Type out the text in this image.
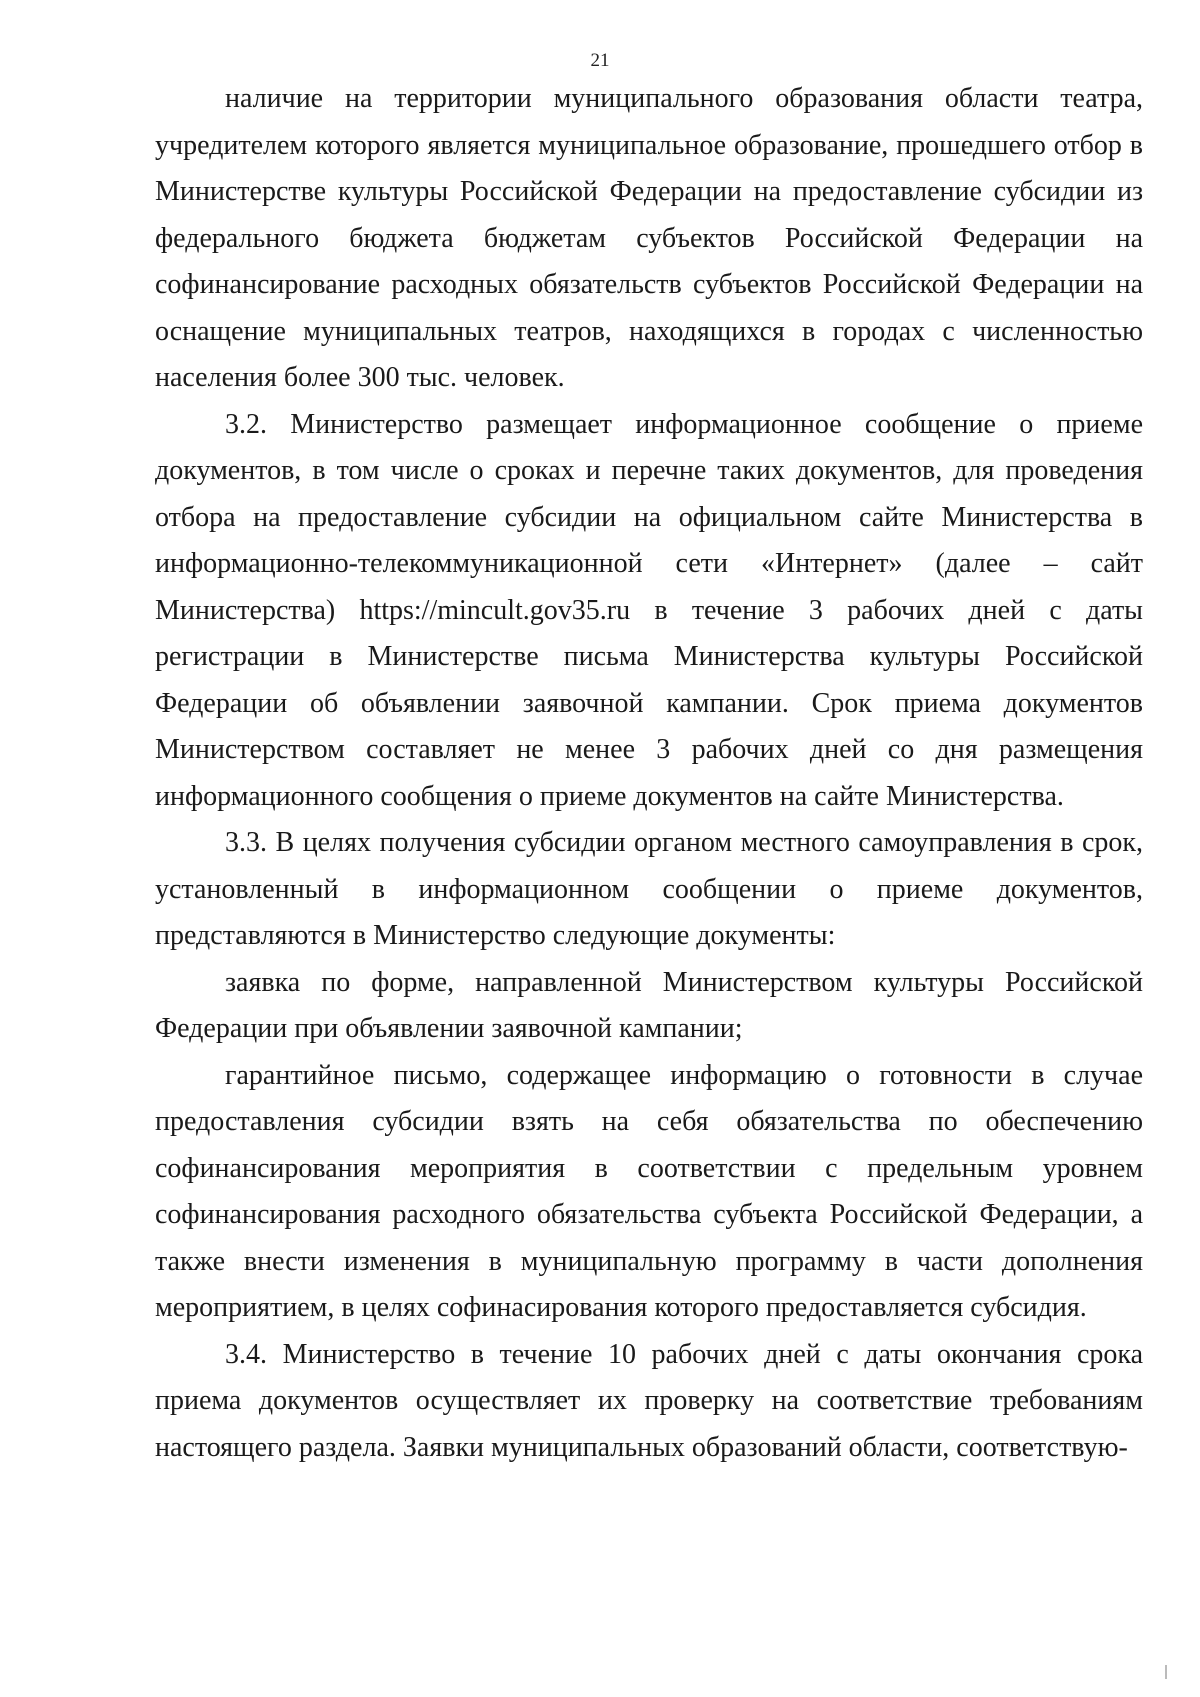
21

наличие на территории муниципального образования области театра, учредителем которого является муниципальное образование, прошедшего отбор в Министерстве культуры Российской Федерации на предоставление субсидии из федерального бюджета бюджетам субъектов Российской Федерации на софинансирование расходных обязательств субъектов Российской Федерации на оснащение муниципальных театров, находящихся в городах с численностью населения более 300 тыс. человек.

3.2. Министерство размещает информационное сообщение о приеме документов, в том числе о сроках и перечне таких документов, для проведения отбора на предоставление субсидии на официальном сайте Министерства в информационно-телекоммуникационной сети «Интернет» (далее – сайт Министерства) https://mincult.gov35.ru в течение 3 рабочих дней с даты регистрации в Министерстве письма Министерства культуры Российской Федерации об объявлении заявочной кампании. Срок приема документов Министерством составляет не менее 3 рабочих дней со дня размещения информационного сообщения о приеме документов на сайте Министерства.

3.3. В целях получения субсидии органом местного самоуправления в срок, установленный в информационном сообщении о приеме документов, представляются в Министерство следующие документы:

заявка по форме, направленной Министерством культуры Российской Федерации при объявлении заявочной кампании;

гарантийное письмо, содержащее информацию о готовности в случае предоставления субсидии взять на себя обязательства по обеспечению софинансирования мероприятия в соответствии с предельным уровнем софинансирования расходного обязательства субъекта Российской Федерации, а также внести изменения в муниципальную программу в части дополнения мероприятием, в целях софинасирования которого предоставляется субсидия.

3.4. Министерство в течение 10 рабочих дней с даты окончания срока приема документов осуществляет их проверку на соответствие требованиям настоящего раздела. Заявки муниципальных образований области, соответствую-
